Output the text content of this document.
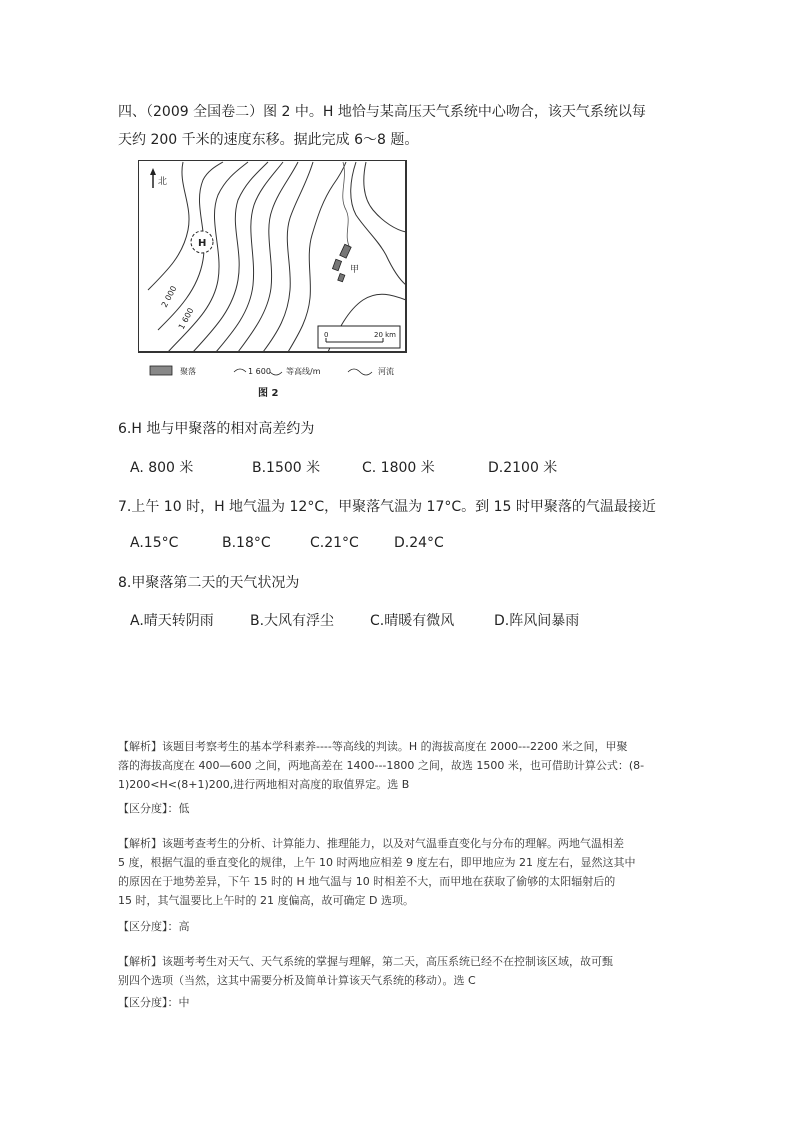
四、（2009 全国卷二）图 2 中。H 地恰与某高压天气系统中心吻合，该天气系统以每
天约 200 千米的速度东移。据此完成 6～8 题。
北
H
甲
2 000
1 600
0	20 km
聚落	1 600 等高线/m	河流
图 2
6.H 地与甲聚落的相对高差约为
A. 800 米	B.1500 米	C. 1800 米	D.2100 米
7.上午 10 时，H 地气温为 12°C，甲聚落气温为 17°C。到 15 时甲聚落的气温最接近
A.15°C	B.18°C	C.21°C	D.24°C
8.甲聚落第二天的天气状况为
A.晴天转阴雨	B.大风有浮尘	C.晴暖有微风	D.阵风间暴雨
【解析】该题目考察考生的基本学科素养----等高线的判读。H 的海拔高度在 2000---2200 米之间，甲聚
落的海拔高度在 400—600 之间，两地高差在 1400---1800 之间，故选 1500 米，也可借助计算公式：(8-
1)200<H<(8+1)200,进行两地相对高度的取值界定。选 B
【区分度】：低
【解析】该题考查考生的分析、计算能力、推理能力，以及对气温垂直变化与分布的理解。两地气温相差
5 度，根据气温的垂直变化的规律，上午 10 时两地应相差 9 度左右，即甲地应为 21 度左右，显然这其中
的原因在于地势差异，下午 15 时的 H 地气温与 10 时相差不大，而甲地在获取了偷够的太阳辐射后的
15 时，其气温要比上午时的 21 度偏高，故可确定 D 选项。
【区分度】：高
【解析】该题考考生对天气、天气系统的掌握与理解，第二天，高压系统已经不在控制该区域，故可甄
别四个选项（当然，这其中需要分析及简单计算该天气系统的移动）。选 C
【区分度】：中
